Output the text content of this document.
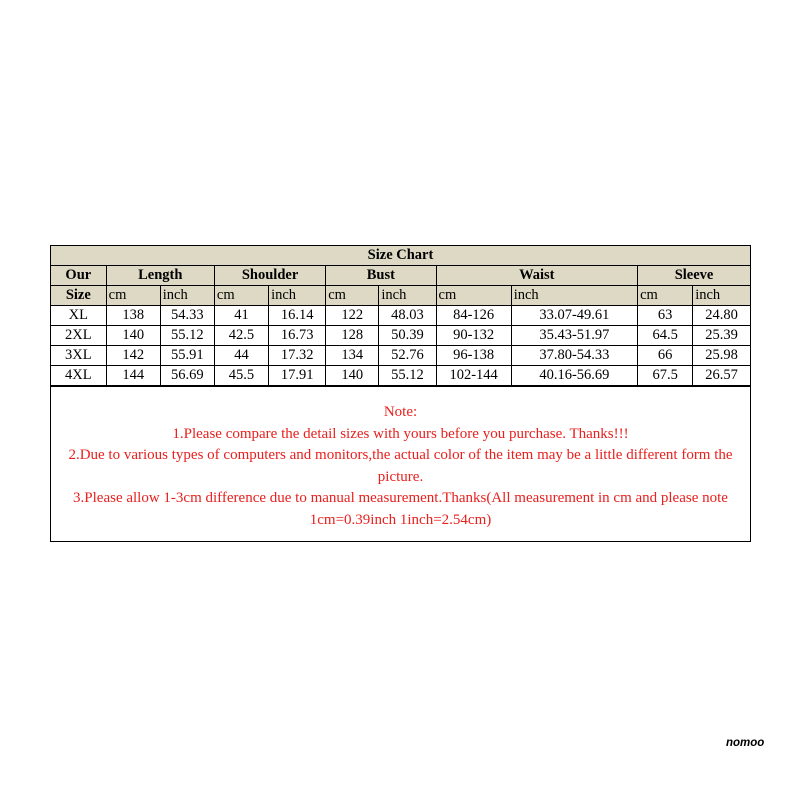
Size Chart										
Our	Length		Shoulder		Bust		Waist		Sleeve	
Size	cm	inch	cm	inch	cm	inch	cm	inch	cm	inch
XL	138	54.33	41	16.14	122	48.03	84-126	33.07-49.61	63	24.80
2XL	140	55.12	42.5	16.73	128	50.39	90-132	35.43-51.97	64.5	25.39
3XL	142	55.91	44	17.32	134	52.76	96-138	37.80-54.33	66	25.98
4XL	144	56.69	45.5	17.91	140	55.12	102-144	40.16-56.69	67.5	26.57

Note:

1.Please compare the detail sizes with yours before you purchase. Thanks!!!

2.Due to various types of computers and monitors,the actual color of the item may be a little different form the picture.

3.Please allow 1-3cm difference due to manual measurement.Thanks(All measurement in cm and please note 1cm=0.39inch 1inch=2.54cm)

nomoo
